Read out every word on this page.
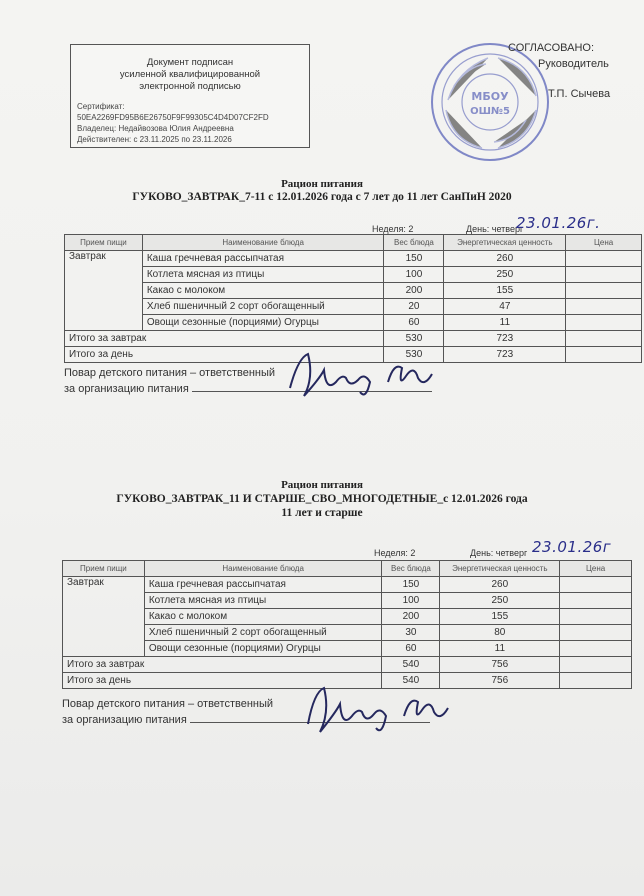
Документ подписан
усиленной квалифицированной
электронной подписью
Сертификат:
50EA2269FD95B6E26750F9F99305C4D4D07CF2FD
Владелец: Недайвозова Юлия Андреевна
Действителен: с 23.11.2025 по 23.11.2026
МБОУ
ОШ№5
СОГЛАСОВАНО:
Руководитель
Т.П. Сычева
Рацион питания
ГУКОВО_ЗАВТРАК_7-11 с 12.01.2026 года с 7 лет до 11 лет СанПиН 2020
Неделя: 2	День: четверг
23.01.26г.
Прием пищи	Наименование блюда	Вес блюда	Энергетическая ценность	Цена
Завтрак	Каша гречневая рассыпчатая	150	260	
	Котлета мясная из птицы	100	250	
	Какао с молоком	200	155	
	Хлеб пшеничный 2 сорт обогащенный	20	47	
	Овощи сезонные (порциями) Огурцы	60	11	
Итого за завтрак		530	723	
Итого за день		530	723	
Повар детского питания – ответственный
за организацию питания
Рацион питания
ГУКОВО_ЗАВТРАК_11 И СТАРШЕ_СВО_МНОГОДЕТНЫЕ_с 12.01.2026 года
11 лет и старше
Неделя: 2	День: четверг 23.01.26г
Прием пищи	Наименование блюда	Вес блюда	Энергетическая ценность	Цена
Завтрак	Каша гречневая рассыпчатая	150	260	
	Котлета мясная из птицы	100	250	
	Какао с молоком	200	155	
	Хлеб пшеничный 2 сорт обогащенный	30	80	
	Овощи сезонные (порциями) Огурцы	60	11	
Итого за завтрак		540	756	
Итого за день		540	756	
Повар детского питания – ответственный
за организацию питания
